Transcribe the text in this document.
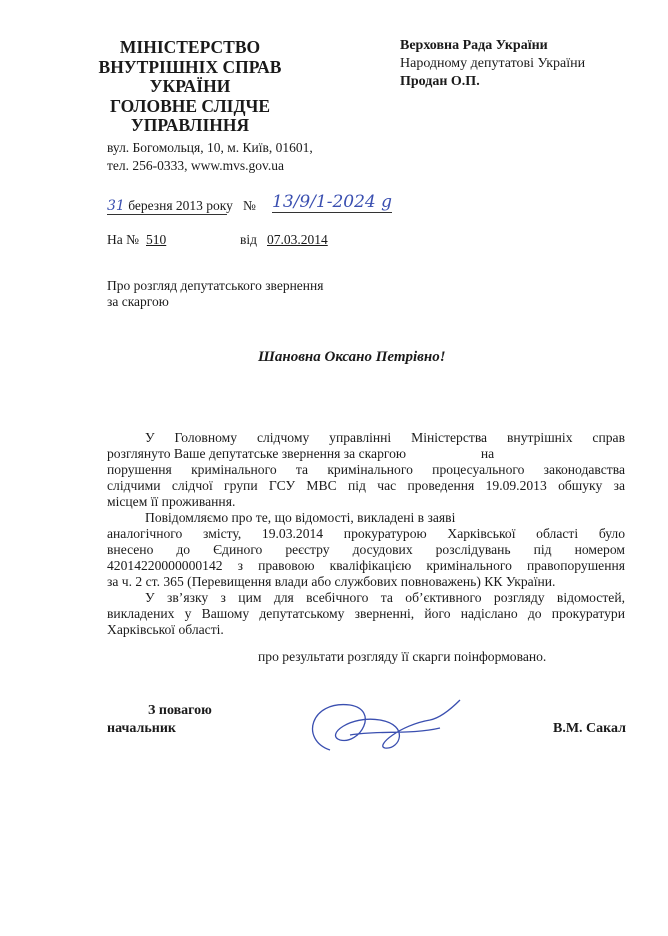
МІНІСТЕРСТВО
ВНУТРІШНІХ СПРАВ
УКРАЇНИ
ГОЛОВНЕ СЛІДЧЕ
УПРАВЛІННЯ
вул. Богомольця, 10, м. Київ, 01601,
тел. 256-0333, www.mvs.gov.ua
Верховна Рада України
Народному депутатові України
Продан О.П.
31 березня 2013 року № 13/9/1-2024 g
На № 510	від 07.03.2014
Про розгляд депутатського звернення
за скаргою
Шановна Оксано Петрівно!
У Головному слідчому управлінні Міністерства внутрішніх справ
розглянуто Ваше депутатське звернення за скаргою                      на
порушення кримінального та кримінального процесуального законодавства
слідчими слідчої групи ГСУ МВС під час проведення 19.09.2013 обшуку за
місцем її проживання.
Повідомляємо про те, що відомості, викладені в заяві
аналогічного змісту, 19.03.2014 прокуратурою Харківської області було
внесено до Єдиного реєстру досудових розслідувань під номером
42014220000000142 з правовою кваліфікацією кримінального правопорушення
за ч. 2 ст. 365 (Перевищення влади або службових повноважень) КК України.
У зв’язку з цим для всебічного та об’єктивного розгляду відомостей,
викладених у Вашому депутатському зверненні, його надіслано до прокуратури
Харківської області.
про результати розгляду її скарги поінформовано.
З повагою
начальник	В.М. Сакал
